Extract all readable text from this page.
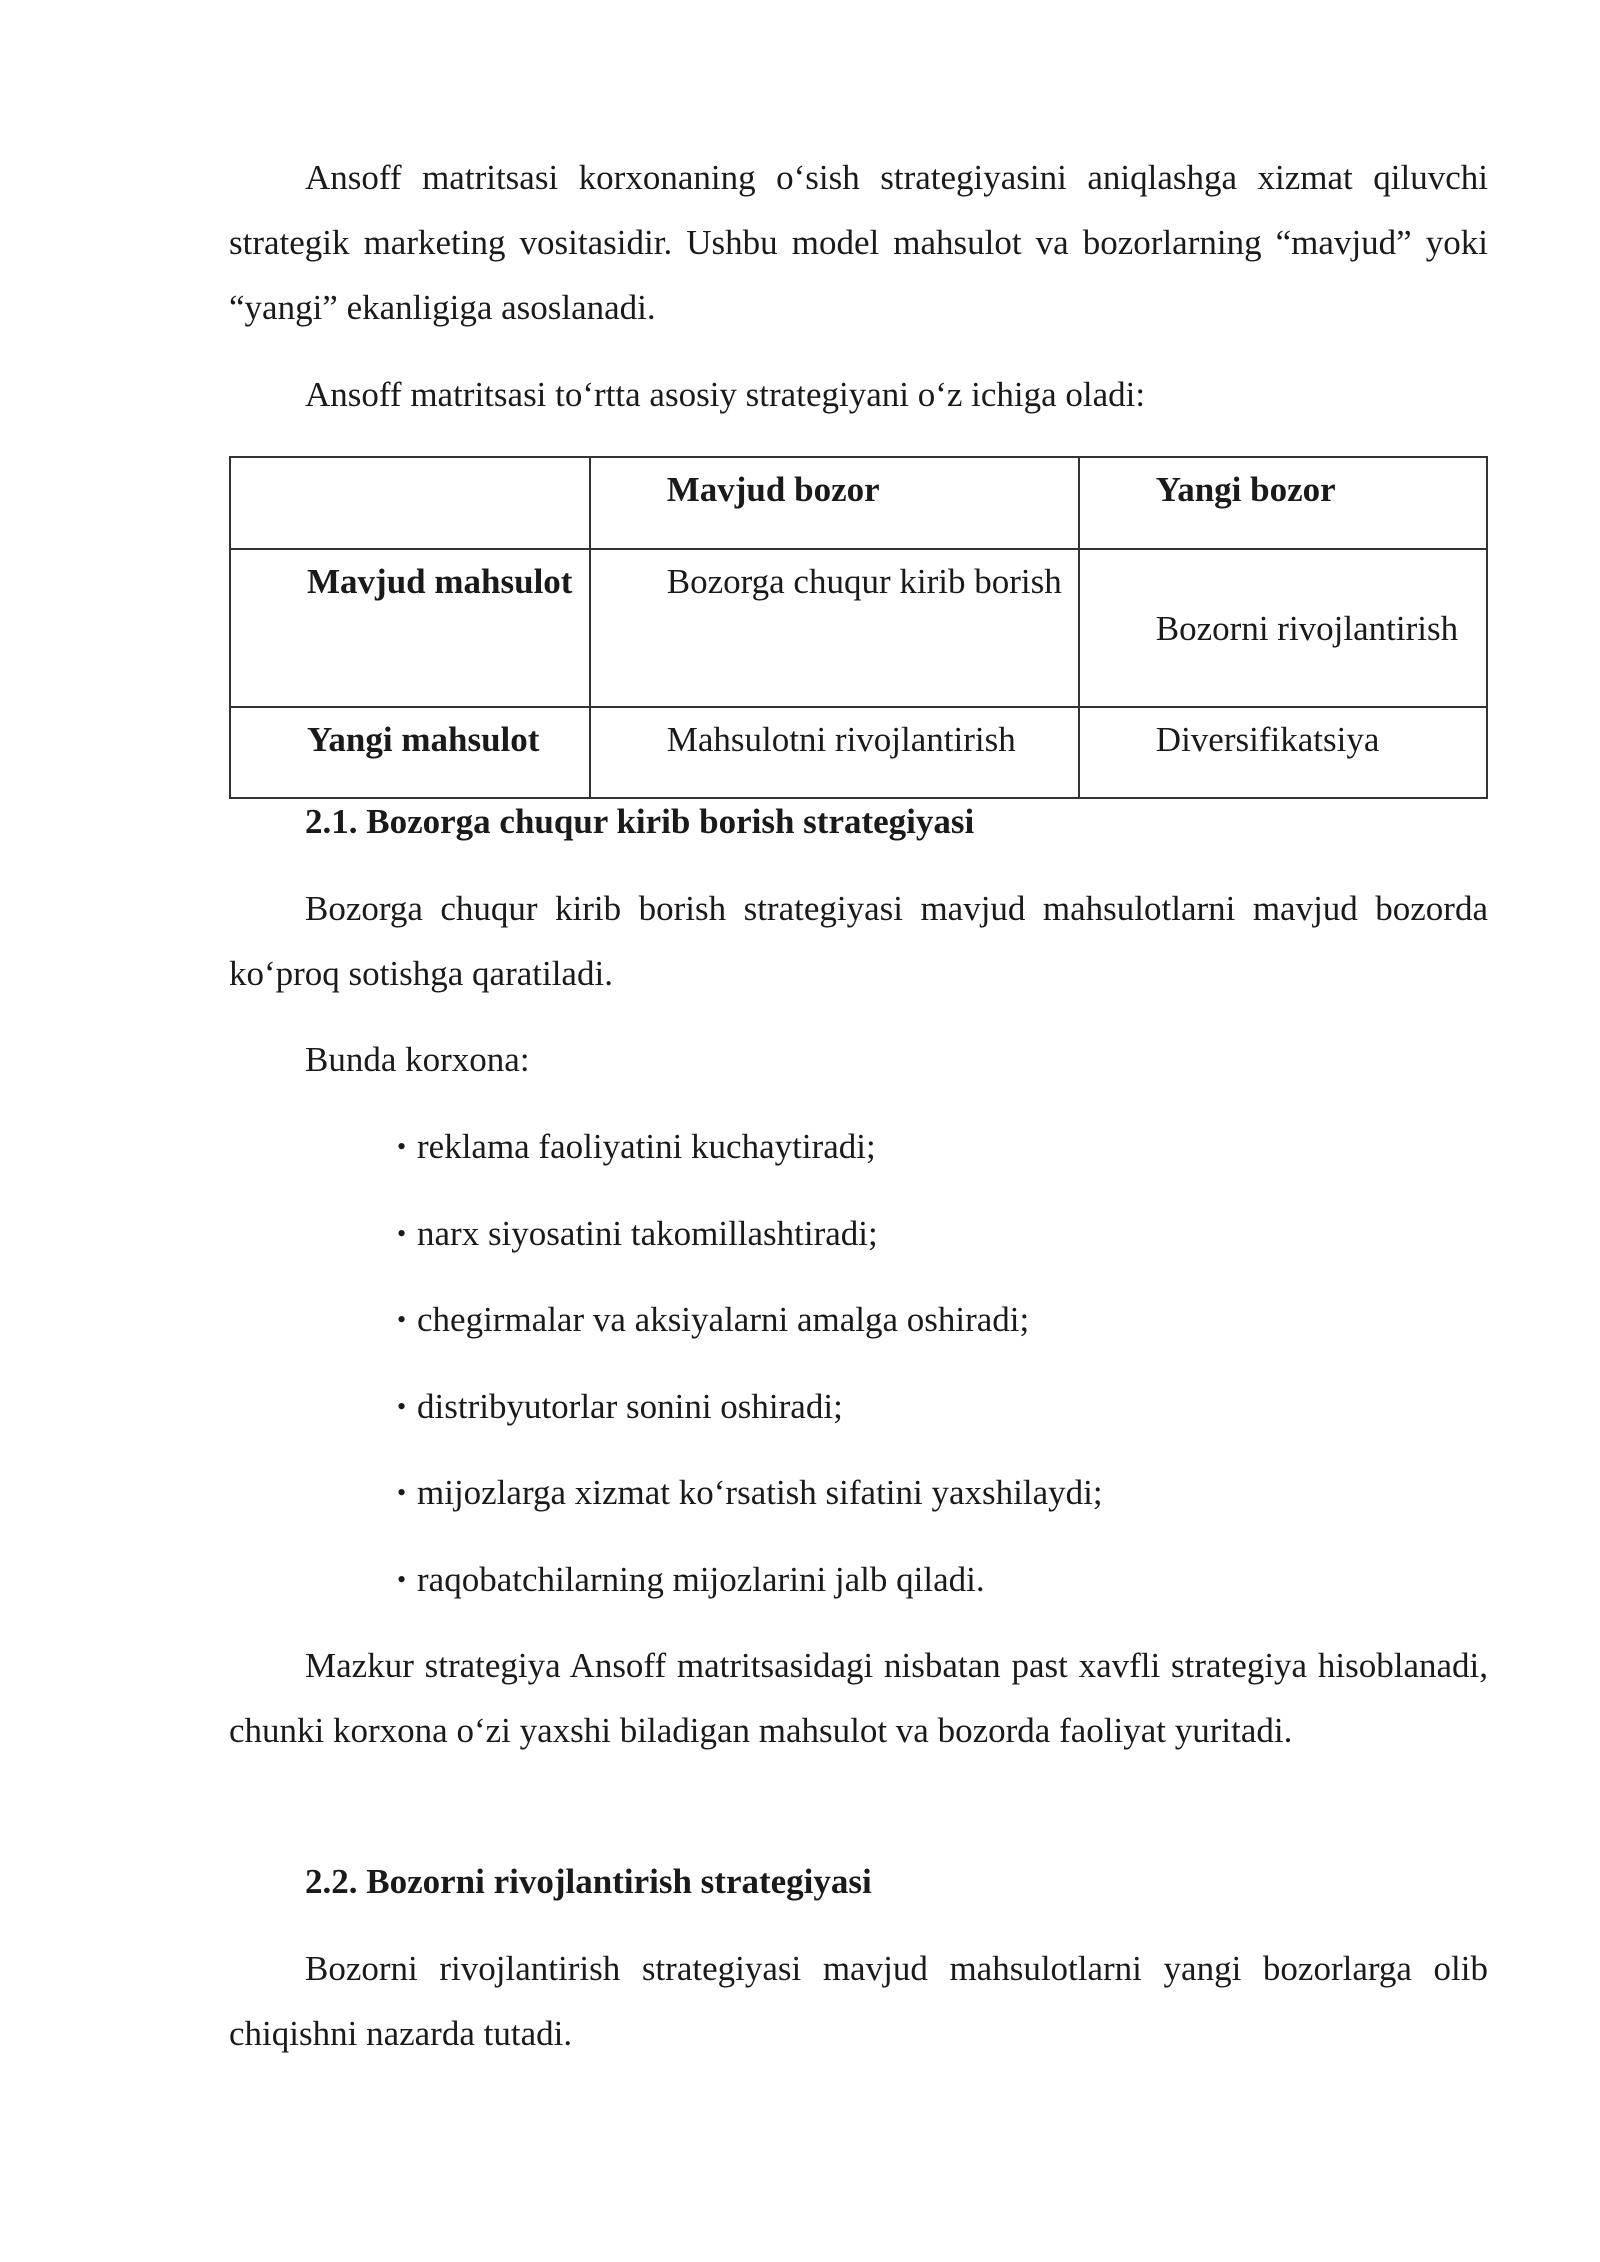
Ansoff matritsasi korxonaning o‘sish strategiyasini aniqlashga xizmat qiluvchi strategik marketing vositasidir. Ushbu model mahsulot va bozorlarning “mavjud” yoki “yangi” ekanligiga asoslanadi.

Ansoff matritsasi to‘rtta asosiy strategiyani o‘z ichiga oladi:

	Mavjud bozor	Yangi bozor
Mavjud mahsulot	Bozorga chuqur kirib borish	Bozorni rivojlantirish
Yangi mahsulot	Mahsulotni rivojlantirish	Diversifikatsiya
2.1. Bozorga chuqur kirib borish strategiyasi

Bozorga chuqur kirib borish strategiyasi mavjud mahsulotlarni mavjud bozorda ko‘proq sotishga qaratiladi.

Bunda korxona:

• reklama faoliyatini kuchaytiradi;
• narx siyosatini takomillashtiradi;
• chegirmalar va aksiyalarni amalga oshiradi;
• distribyutorlar sonini oshiradi;
• mijozlarga xizmat ko‘rsatish sifatini yaxshilaydi;
• raqobatchilarning mijozlarini jalb qiladi.

Mazkur strategiya Ansoff matritsasidagi nisbatan past xavfli strategiya hisoblanadi, chunki korxona o‘zi yaxshi biladigan mahsulot va bozorda faoliyat yuritadi.

2.2. Bozorni rivojlantirish strategiyasi

Bozorni rivojlantirish strategiyasi mavjud mahsulotlarni yangi bozorlarga olib chiqishni nazarda tutadi.
